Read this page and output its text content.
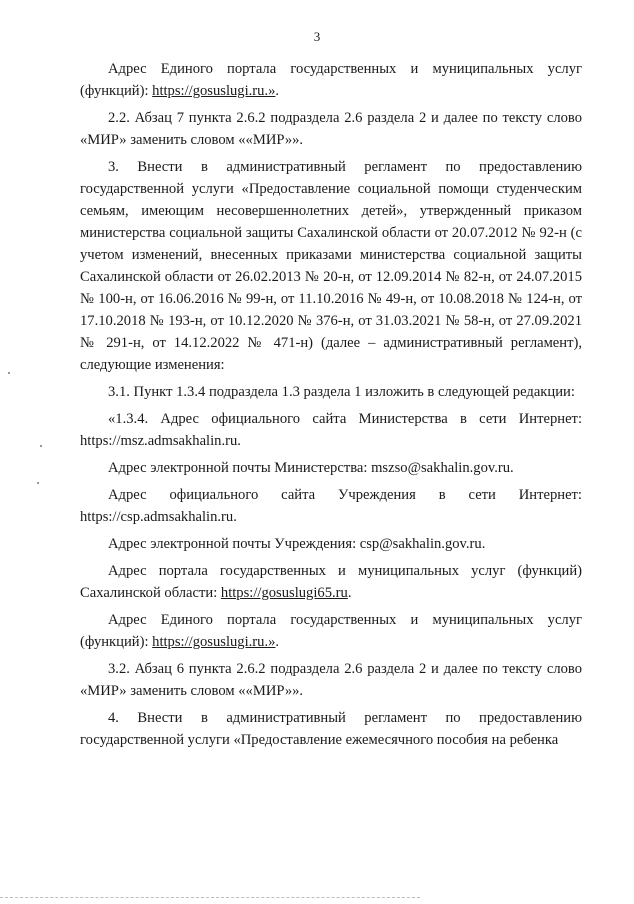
3

Адрес Единого портала государственных и муниципальных услуг (функций): https://gosuslugi.ru.».

2.2. Абзац 7 пункта 2.6.2 подраздела 2.6 раздела 2 и далее по тексту слово «МИР» заменить словом ««МИР»».

3. Внести в административный регламент по предоставлению государственной услуги «Предоставление социальной помощи студенческим семьям, имеющим несовершеннолетних детей», утвержденный приказом министерства социальной защиты Сахалинской области от 20.07.2012 № 92-н (с учетом изменений, внесенных приказами министерства социальной защиты Сахалинской области от 26.02.2013 № 20-н, от 12.09.2014 № 82-н, от 24.07.2015 № 100-н, от 16.06.2016 № 99-н, от 11.10.2016 № 49-н, от 10.08.2018 № 124-н, от 17.10.2018 № 193-н, от 10.12.2020 № 376-н, от 31.03.2021 № 58-н, от 27.09.2021 № 291-н, от 14.12.2022 № 471-н) (далее – административный регламент), следующие изменения:

3.1. Пункт 1.3.4 подраздела 1.3 раздела 1 изложить в следующей редакции:

«1.3.4. Адрес официального сайта Министерства в сети Интернет: https://msz.admsakhalin.ru.

Адрес электронной почты Министерства: mszso@sakhalin.gov.ru.

Адрес официального сайта Учреждения в сети Интернет: https://csp.admsakhalin.ru.

Адрес электронной почты Учреждения: csp@sakhalin.gov.ru.

Адрес портала государственных и муниципальных услуг (функций) Сахалинской области: https://gosuslugi65.ru.

Адрес Единого портала государственных и муниципальных услуг (функций): https://gosuslugi.ru.».

3.2. Абзац 6 пункта 2.6.2 подраздела 2.6 раздела 2 и далее по тексту слово «МИР» заменить словом ««МИР»».

4. Внести в административный регламент по предоставлению государственной услуги «Предоставление ежемесячного пособия на ребенка
